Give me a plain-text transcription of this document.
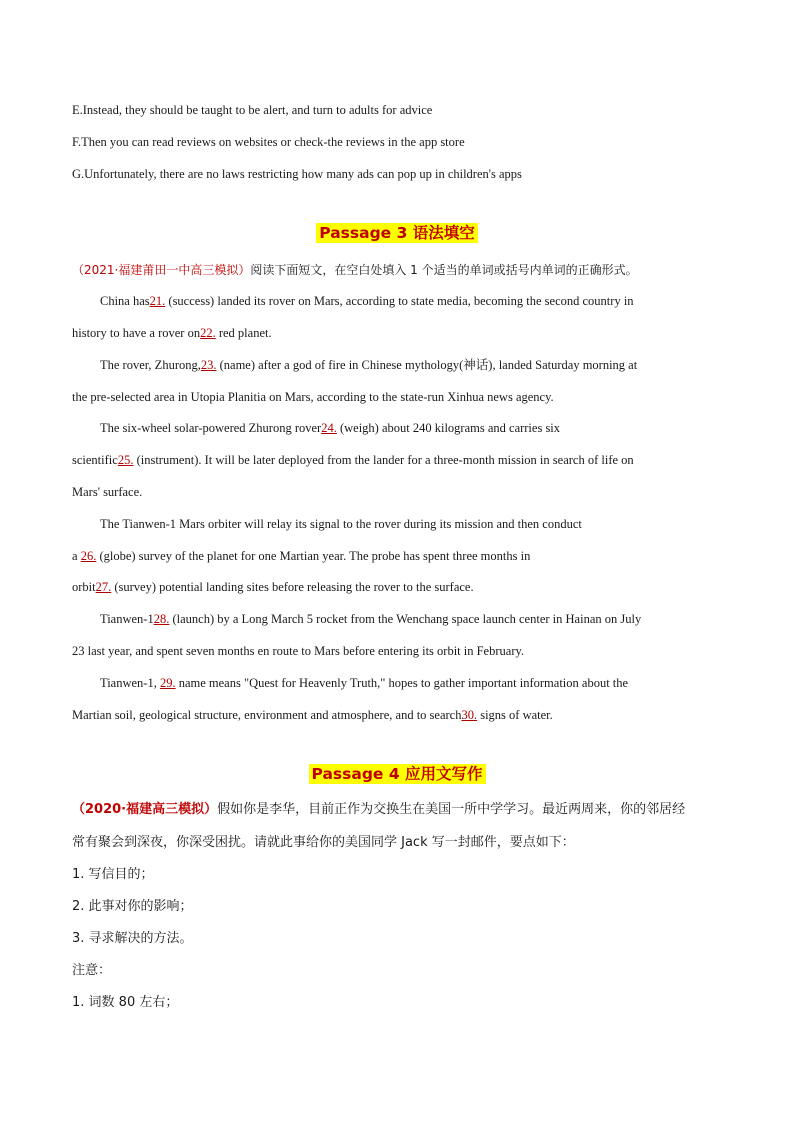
E.Instead, they should be taught to be alert, and turn to adults for advice
F.Then you can read reviews on websites or check-the reviews in the app store
G.Unfortunately, there are no laws restricting how many ads can pop up in children's apps
Passage 3 语法填空
（2021·福建莆田一中高三模拟）阅读下面短文，在空白处填入 1 个适当的单词或括号内单词的正确形式。
China has21. (success) landed its rover on Mars, according to state media, becoming the second country in
history to have a rover on22. red planet.
The rover, Zhurong,23. (name) after a god of fire in Chinese mythology(神话), landed Saturday morning at
the pre-selected area in Utopia Planitia on Mars, according to the state-run Xinhua news agency.
The six-wheel solar-powered Zhurong rover24. (weigh) about 240 kilograms and carries six
scientific25. (instrument). It will be later deployed from the lander for a three-month mission in search of life on
Mars' surface.
The Tianwen-1 Mars orbiter will relay its signal to the rover during its mission and then conduct
a 26. (globe) survey of the planet for one Martian year. The probe has spent three months in
orbit27. (survey) potential landing sites before releasing the rover to the surface.
Tianwen-128. (launch) by a Long March 5 rocket from the Wenchang space launch center in Hainan on July
23 last year, and spent seven months en route to Mars before entering its orbit in February.
Tianwen-1, 29. name means "Quest for Heavenly Truth," hopes to gather important information about the
Martian soil, geological structure, environment and atmosphere, and to search30. signs of water.
Passage 4 应用文写作
（2020·福建高三模拟）假如你是李华，目前正作为交换生在美国一所中学学习。最近两周来，你的邻居经
常有聚会到深夜，你深受困扰。请就此事给你的美国同学 Jack 写一封邮件，要点如下：
1. 写信目的；
2. 此事对你的影响；
3. 寻求解决的方法。
注意：
1. 词数 80 左右；
